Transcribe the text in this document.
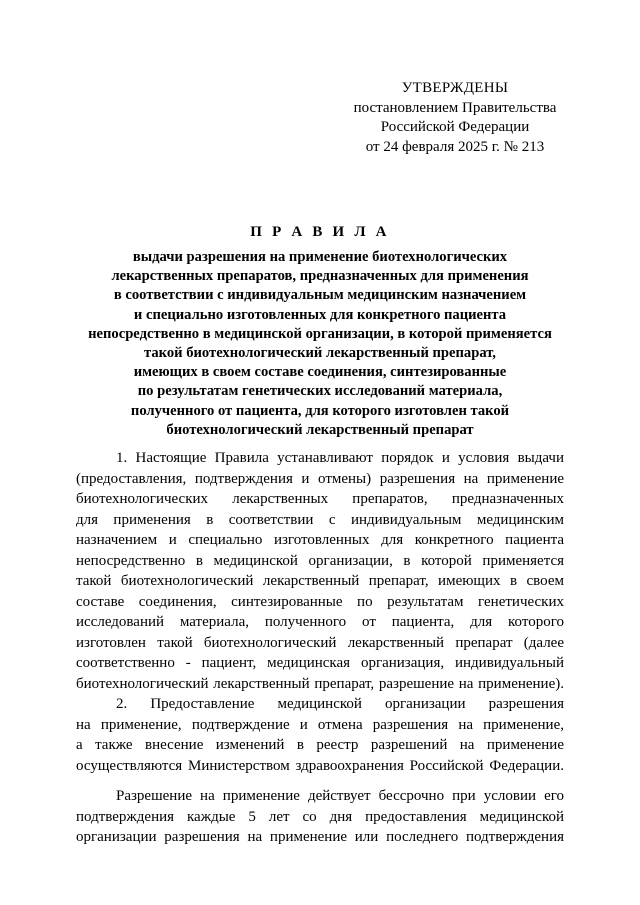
УТВЕРЖДЕНЫ
постановлением Правительства
Российской Федерации
от 24 февраля 2025 г. № 213
П Р А В И Л А
выдачи разрешения на применение биотехнологических
лекарственных препаратов, предназначенных для применения
в соответствии с индивидуальным медицинским назначением
и специально изготовленных для конкретного пациента
непосредственно в медицинской организации, в которой применяется
такой биотехнологический лекарственный препарат,
имеющих в своем составе соединения, синтезированные
по результатам генетических исследований материала,
полученного от пациента, для которого изготовлен такой
биотехнологический лекарственный препарат
1. Настоящие Правила устанавливают порядок и условия выдачи
(предоставления, подтверждения и отмены) разрешения на применение
биотехнологических лекарственных препаратов, предназначенных
для применения в соответствии с индивидуальным медицинским
назначением и специально изготовленных для конкретного пациента
непосредственно в медицинской организации, в которой применяется
такой биотехнологический лекарственный препарат, имеющих в своем
составе соединения, синтезированные по результатам генетических
исследований материала, полученного от пациента, для которого
изготовлен такой биотехнологический лекарственный препарат (далее
соответственно - пациент, медицинская организация, индивидуальный
биотехнологический лекарственный препарат, разрешение на применение).
2. Предоставление медицинской организации разрешения
на применение, подтверждение и отмена разрешения на применение,
а также внесение изменений в реестр разрешений на применение
осуществляются Министерством здравоохранения Российской Федерации.
Разрешение на применение действует бессрочно при условии его
подтверждения каждые 5 лет со дня предоставления медицинской
организации разрешения на применение или последнего подтверждения
